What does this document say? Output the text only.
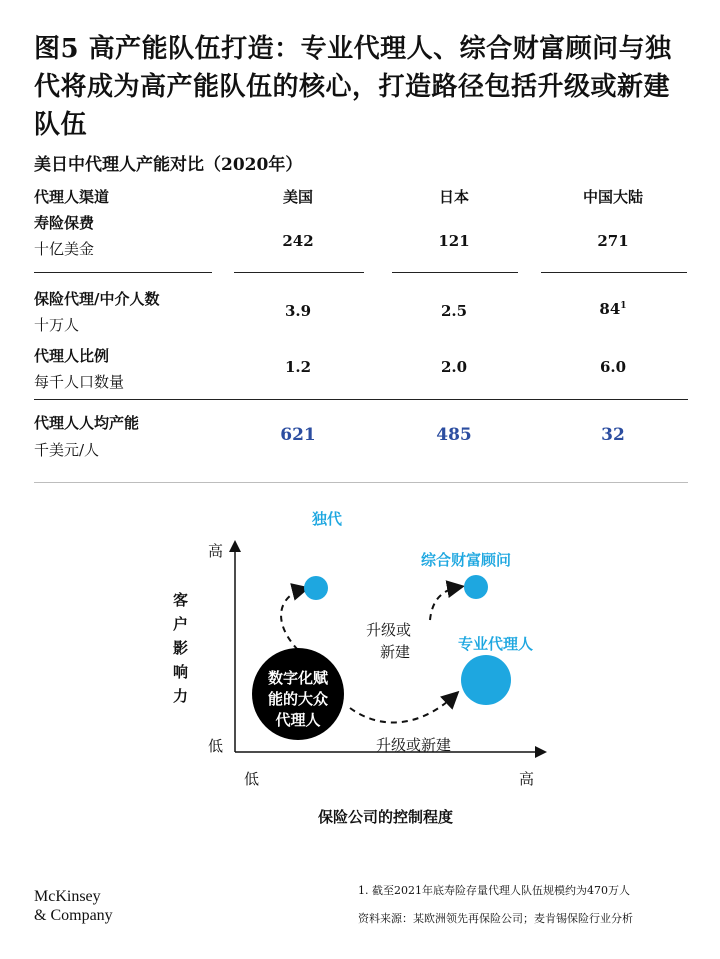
图5 高产能队伍打造：专业代理人、综合财富顾问与独代将成为高产能队伍的核心，打造路径包括升级或新建队伍
美日中代理人产能对比（2020年）
代理人渠道	美国	日本	中国大陆
寿险保费
十亿美金	242	121	271
保险代理/中介人数
十万人
3.9	2.5	$84^1$
代理人比例
每千人口数量
1.2	2.0	6.0
代理人人均产能
千美元/人
621	485	32
高
低
客户影响力
低	高
保险公司的控制程度
独代
综合财富顾问
专业代理人
升级或
新建
升级或新建
数字化赋
能的大众
代理人
McKinsey
& Company
1. 截至2021年底寿险存量代理人队伍规模约为470万人
资料来源：某欧洲领先再保险公司；麦肯锡保险行业分析
